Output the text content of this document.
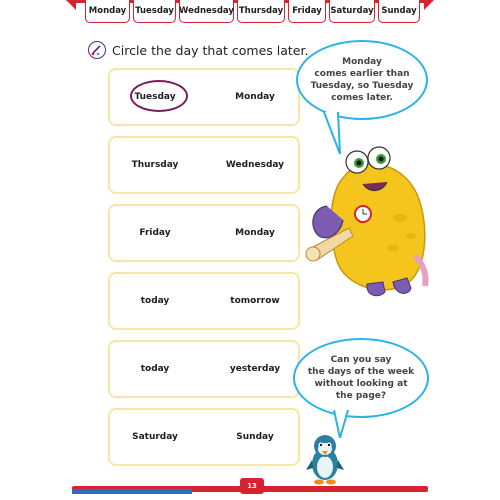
Monday	Tuesday Wednesday Thursday	Friday	Saturday Sunday
Circle the day that comes later.
Tuesday	Monday
Thursday	Wednesday
Friday	Monday
today	tomorrow
today	yesterday
Saturday	Sunday
Monday
comes earlier than
Tuesday, so Tuesday
comes later.
Can you say
the days of the week
without looking at
the page?
13
